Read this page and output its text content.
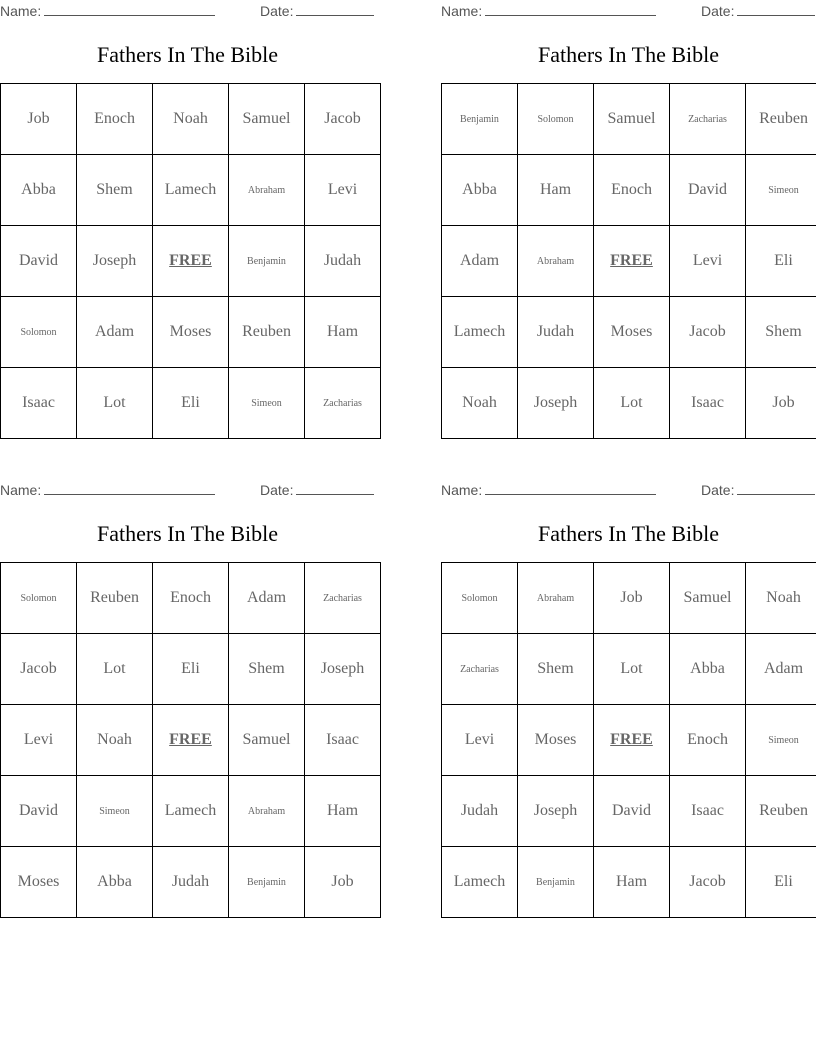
Name:	Date:
Fathers In The Bible
Job	Enoch	Noah	Samuel	Jacob
Abba	Shem	Lamech	Abraham	Levi
David	Joseph	FREE	Benjamin	Judah
Solomon	Adam	Moses	Reuben	Ham
Isaac	Lot	Eli	Simeon	Zacharias
Name:	Date:
Fathers In The Bible
Benjamin	Solomon	Samuel	Zacharias	Reuben
Abba	Ham	Enoch	David	Simeon
Adam	Abraham	FREE	Levi	Eli
Lamech	Judah	Moses	Jacob	Shem
Noah	Joseph	Lot	Isaac	Job
Name:	Date:
Fathers In The Bible
Solomon	Reuben	Enoch	Adam	Zacharias
Jacob	Lot	Eli	Shem	Joseph
Levi	Noah	FREE	Samuel	Isaac
David	Simeon	Lamech	Abraham	Ham
Moses	Abba	Judah	Benjamin	Job
Name:	Date:
Fathers In The Bible
Solomon	Abraham	Job	Samuel	Noah
Zacharias	Shem	Lot	Abba	Adam
Levi	Moses	FREE	Enoch	Simeon
Judah	Joseph	David	Isaac	Reuben
Lamech	Benjamin	Ham	Jacob	Eli
